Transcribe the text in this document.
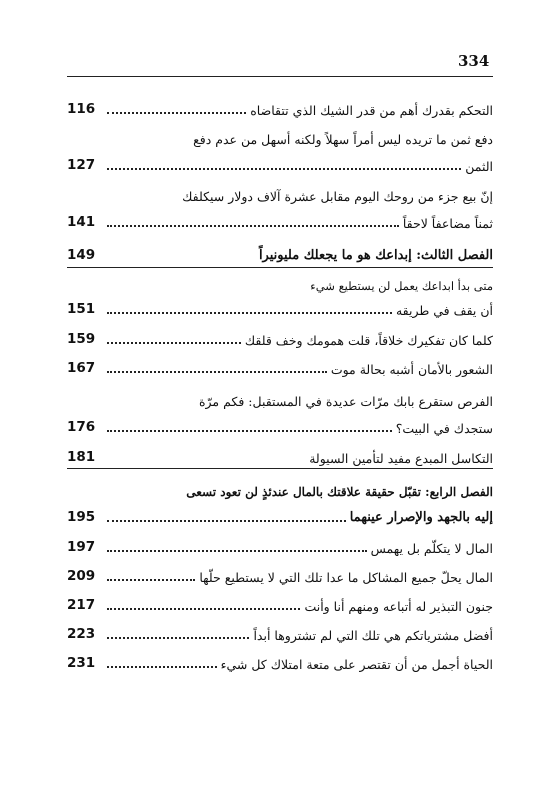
334
التحكم بقدرك أهم من قدر الشيك الذي تتقاضاه
116
دفع ثمن ما تريده ليس أمراً سهلاً ولكنه أسهل من عدم دفع
الثمن
127
إنّ بيع جزء من روحك اليوم مقابل عشرة آلاف دولار سيكلفك
ثمناً مضاعفاً لاحقاً
141
الفصل الثالث: إبداعك هو ما يجعلك مليونيراً
149
متى بدأ ابداعك يعمل لن يستطيع شيء
أن يقف في طريقه
151
كلما كان تفكيرك خلاقاً، قلت همومك وخف قلقك
159
الشعور بالأمان أشبه بحالة موت
167
الفرص ستقرع بابك مرّات عديدة في المستقبل: فكم مرّة
ستجدك في البيت؟
176
التكاسل المبدع مفيد لتأمين السيولة
181
الفصل الرابع: تقبّل حقيقة علاقتك بالمال عندئذٍ لن تعود تسعى
إليه بالجهد والإصرار عينهما
195
المال لا يتكلّم بل يهمس
197
المال يحلّ جميع المشاكل ما عدا تلك التي لا يستطيع حلّها
209
جنون التبذير له أتباعه ومنهم أنا وأنت
217
أفضل مشترياتكم هي تلك التي لم تشتروها أبداً
223
الحياة أجمل من أن تقتصر على متعة امتلاك كل شيء
231
